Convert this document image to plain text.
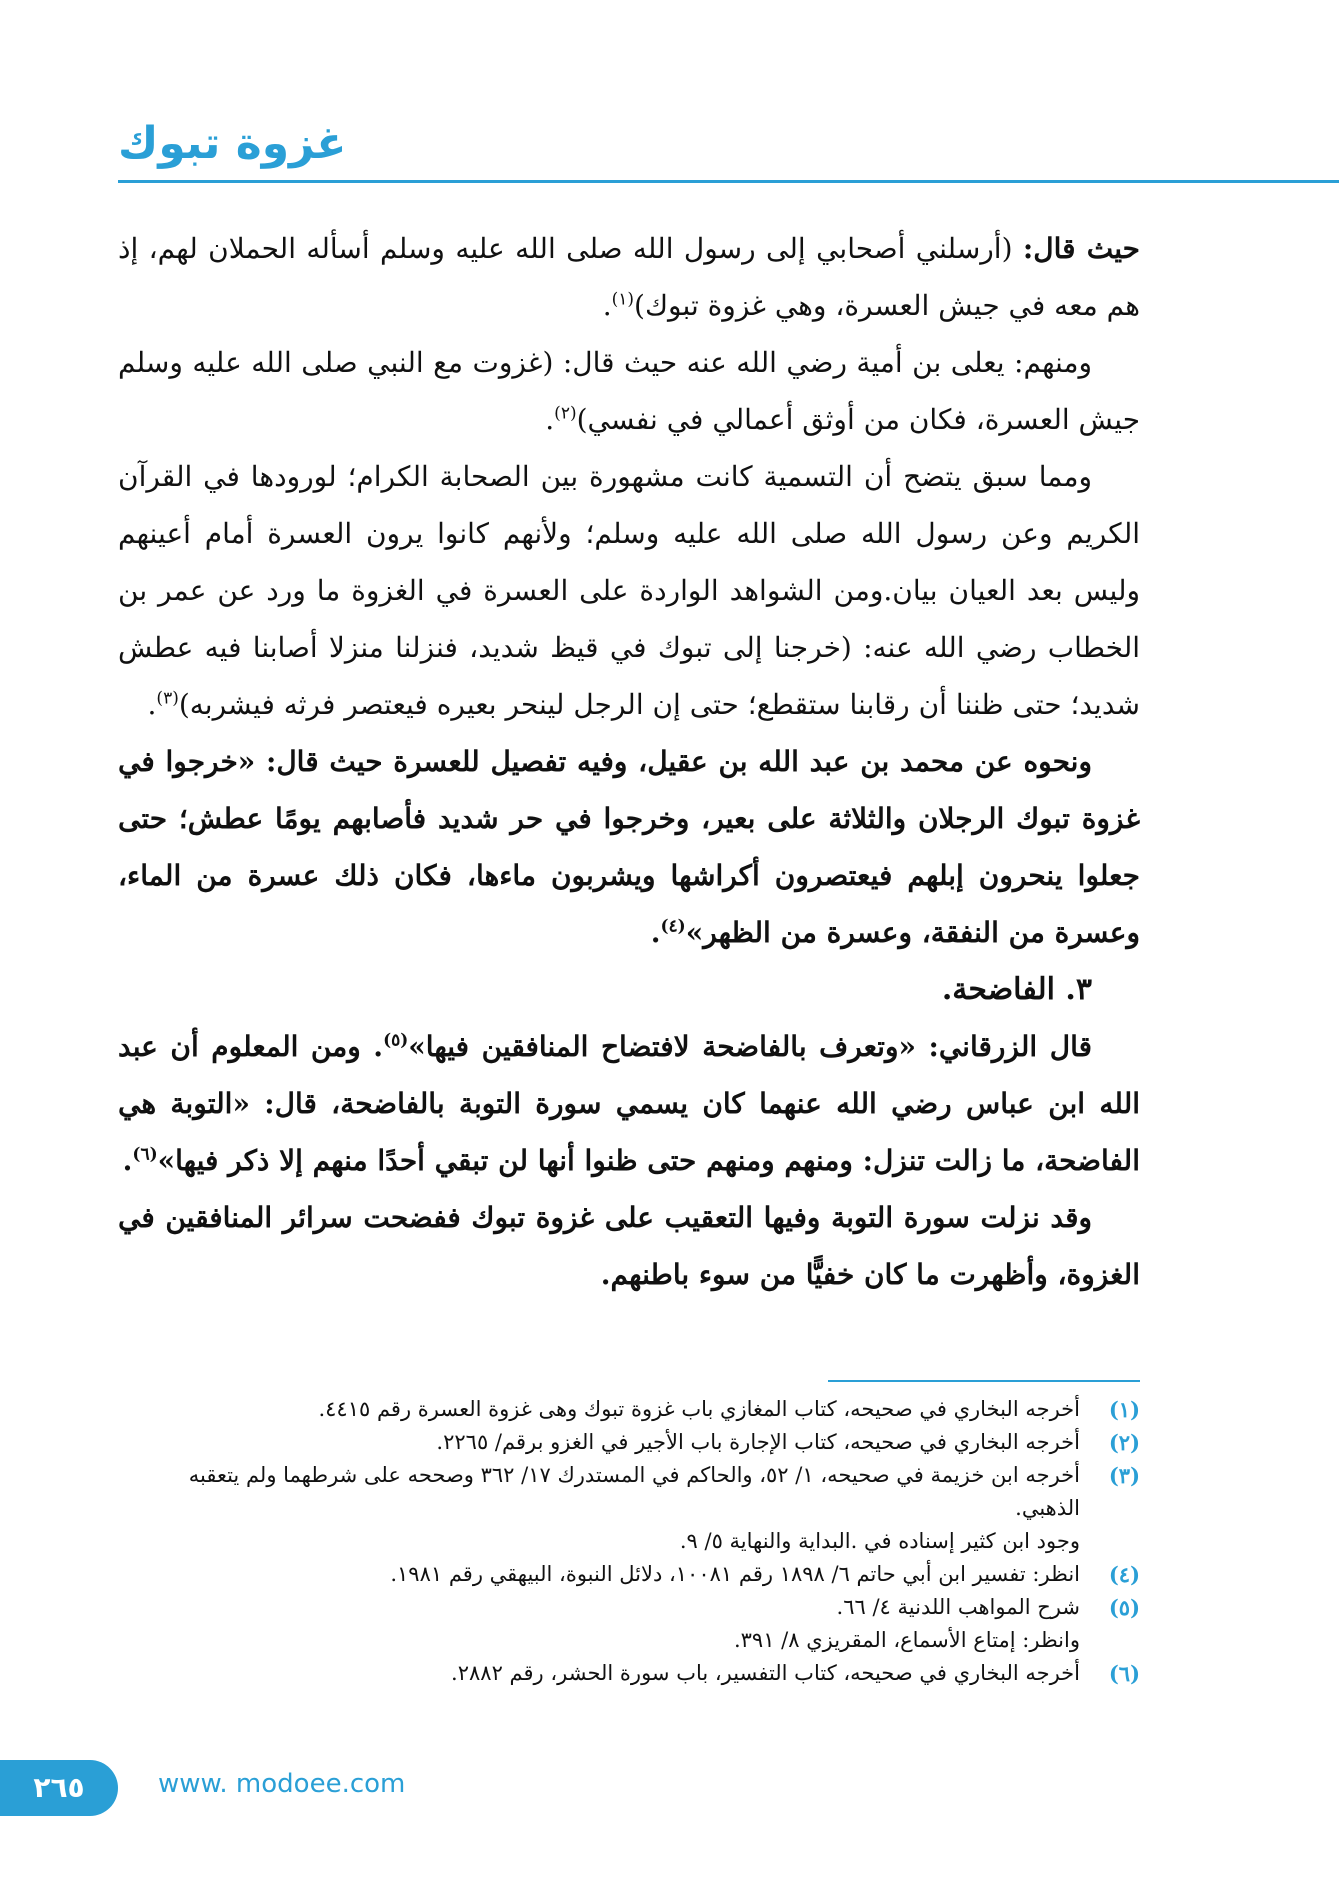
غزوة تبوك

حيث قال: (أرسلني أصحابي إلى رسول الله صلى الله عليه وسلم أسأله الحملان لهم، إذ هم معه في جيش العسرة، وهي غزوة تبوك)$^{(١)}$.

ومنهم: يعلى بن أمية رضي الله عنه حيث قال: (غزوت مع النبي صلى الله عليه وسلم جيش العسرة، فكان من أوثق أعمالي في نفسي)$^{(٢)}$.

ومما سبق يتضح أن التسمية كانت مشهورة بين الصحابة الكرام؛ لورودها في القرآن الكريم وعن رسول الله صلى الله عليه وسلم؛ ولأنهم كانوا يرون العسرة أمام أعينهم وليس بعد العيان بيان.ومن الشواهد الواردة على العسرة في الغزوة ما ورد عن عمر بن الخطاب رضي الله عنه: (خرجنا إلى تبوك في قيظ شديد، فنزلنا منزلا أصابنا فيه عطش شديد؛ حتى ظننا أن رقابنا ستقطع؛ حتى إن الرجل لينحر بعيره فيعتصر فرثه فيشربه)$^{(٣)}$.

ونحوه عن محمد بن عبد الله بن عقيل، وفيه تفصيل للعسرة حيث قال: «خرجوا في غزوة تبوك الرجلان والثلاثة على بعير، وخرجوا في حر شديد فأصابهم يومًا عطش؛ حتى جعلوا ينحرون إبلهم فيعتصرون أكراشها ويشربون ماءها، فكان ذلك عسرة من الماء، وعسرة من النفقة، وعسرة من الظهر»$^{(٤)}$.

٣. الفاضحة.

قال الزرقاني: «وتعرف بالفاضحة لافتضاح المنافقين فيها»$^{(٥)}$. ومن المعلوم أن عبد الله ابن عباس رضي الله عنهما كان يسمي سورة التوبة بالفاضحة، قال: «التوبة هي الفاضحة، ما زالت تنزل: ومنهم ومنهم حتى ظنوا أنها لن تبقي أحدًا منهم إلا ذكر فيها»$^{(٦)}$.

وقد نزلت سورة التوبة وفيها التعقيب على غزوة تبوك ففضحت سرائر المنافقين في الغزوة، وأظهرت ما كان خفيًّا من سوء باطنهم.

(١)
أخرجه البخاري في صحيحه، كتاب المغازي باب غزوة تبوك وهى غزوة العسرة رقم ٤٤١٥.

(٢)
أخرجه البخاري في صحيحه، كتاب الإجارة باب الأجير في الغزو برقم/ ٢٢٦٥.

(٣)
أخرجه ابن خزيمة في صحيحه، ١/ ٥٢، والحاكم في المستدرك ١٧/ ٣٦٢ وصححه على شرطهما ولم يتعقبه الذهبي.

وجود ابن كثير إسناده في .البداية والنهاية ٥/ ٩.

(٤)
انظر: تفسير ابن أبي حاتم ٦/ ١٨٩٨ رقم ١٠٠٨١، دلائل النبوة، البيهقي رقم ١٩٨١.

(٥)
شرح المواهب اللدنية ٤/ ٦٦.

وانظر: إمتاع الأسماع، المقريزي ٨/ ٣٩١.

(٦)
أخرجه البخاري في صحيحه، كتاب التفسير، باب سورة الحشر، رقم ٢٨٨٢.

٢٦٥	www. modoee.com
